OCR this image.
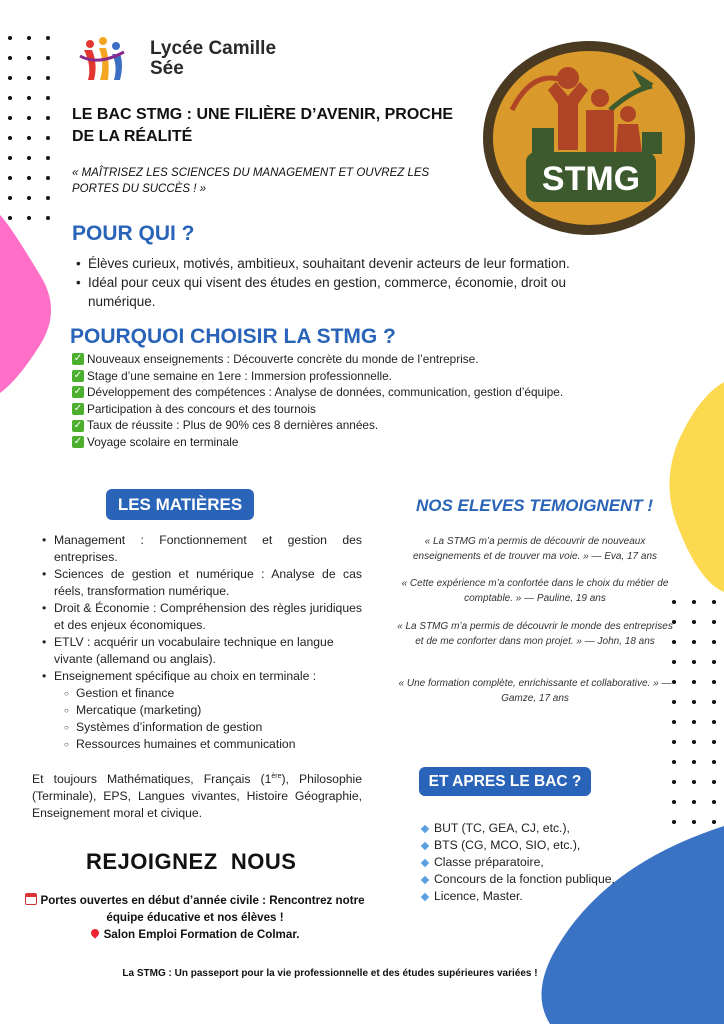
Lycée Camille
Sée
STMG
LE BAC STMG : UNE FILIÈRE D’AVENIR, PROCHE DE LA RÉALITÉ
« MAÎTRISEZ LES SCIENCES DU MANAGEMENT ET OUVREZ LES PORTES DU SUCCÈS ! »
POUR QUI ?
• Élèves curieux, motivés, ambitieux, souhaitant devenir acteurs de leur formation.
• Idéal pour ceux qui visent des études en gestion, commerce, économie, droit ou numérique.
POURQUOI CHOISIR LA STMG ?
✓ Nouveaux enseignements : Découverte concrète du monde de l’entreprise.
✓ Stage d’une semaine en 1ere : Immersion professionnelle.
✓ Développement des compétences : Analyse de données, communication, gestion d’équipe.
✓ Participation à des concours et des tournois
✓ Taux de réussite : Plus de 90% ces 8 dernières années.
✓ Voyage scolaire en terminale
LES MATIÈRES
• Management : Fonctionnement et gestion des entreprises.
• Sciences de gestion et numérique : Analyse de cas réels, transformation numérique.
• Droit & Économie : Compréhension des règles juridiques et des enjeux économiques.
• ETLV : acquérir un vocabulaire technique en langue vivante (allemand ou anglais).
• Enseignement spécifique au choix en terminale :
○ Gestion et finance
○ Mercatique (marketing)
○ Systèmes d’information de gestion
○ Ressources humaines et communication
Et toujours Mathématiques, Français (1ère), Philosophie (Terminale), EPS, Langues vivantes, Histoire Géographie, Enseignement moral et civique.
NOS ELEVES TEMOIGNENT !
« La STMG m’a permis de découvrir de nouveaux enseignements et de trouver ma voie. » — Eva, 17 ans
« Cette expérience m’a confortée dans le choix du métier de comptable. » — Pauline, 19 ans
« La STMG m’a permis de découvrir le monde des entreprises et de me conforter dans mon projet. » — John, 18 ans
« Une formation complète, enrichissante et collaborative. » — Gamze, 17 ans
ET APRES LE BAC ?
BUT (TC, GEA, CJ, etc.),
BTS (CG, MCO, SIO, etc.),
Classe préparatoire,
Concours de la fonction publique,
Licence, Master.
REJOIGNEZ  NOUS
Portes ouvertes en début d’année civile : Rencontrez notre équipe éducative et nos élèves !
Salon Emploi Formation de Colmar.
La STMG : Un passeport pour la vie professionnelle et des études supérieures variées !
